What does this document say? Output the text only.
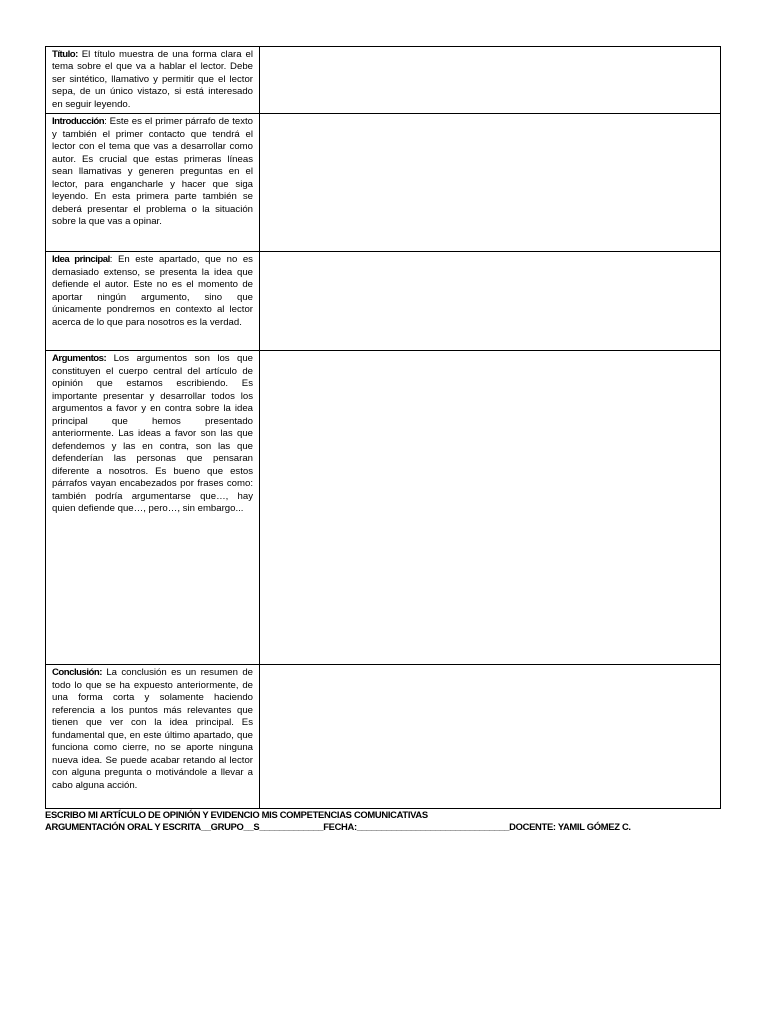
Título: El título muestra de una forma clara el tema sobre el que va a hablar el lector. Debe ser sintético, llamativo y permitir que el lector sepa, de un único vistazo, si está interesado en seguir leyendo.	
Introducción: Este es el primer párrafo de texto y también el primer contacto que tendrá el lector con el tema que vas a desarrollar como autor. Es crucial que estas primeras líneas sean llamativas y generen preguntas en el lector, para engancharle y hacer que siga leyendo. En esta primera parte también se deberá presentar el problema o la situación sobre la que vas a opinar.	
Idea principal: En este apartado, que no es demasiado extenso, se presenta la idea que defiende el autor. Este no es el momento de aportar ningún argumento, sino que únicamente pondremos en contexto al lector acerca de lo que para nosotros es la verdad.	
Argumentos: Los argumentos son los que constituyen el cuerpo central del artículo de opinión que estamos escribiendo. Es importante presentar y desarrollar todos los argumentos a favor y en contra sobre la idea principal que hemos presentado anteriormente. Las ideas a favor son las que defendemos y las en contra, son las que defenderían las personas que pensaran diferente a nosotros. Es bueno que estos párrafos vayan encabezados por frases como: también podría argumentarse que…, hay quien defiende que…, pero…, sin embargo...	
Conclusión: La conclusión es un resumen de todo lo que se ha expuesto anteriormente, de una forma corta y solamente haciendo referencia a los puntos más relevantes que tienen que ver con la idea principal. Es fundamental que, en este último apartado, que funciona como cierre, no se aporte ninguna nueva idea. Se puede acabar retando al lector con alguna pregunta o motivándole a llevar a cabo alguna acción.	
ESCRIBO MI ARTÍCULO DE OPINIÓN Y EVIDENCIO MIS COMPETENCIAS COMUNICATIVAS
ARGUMENTACIÓN ORAL Y ESCRITA__GRUPO__S_____________FECHA:_______________________________DOCENTE: YAMIL GÓMEZ C.
